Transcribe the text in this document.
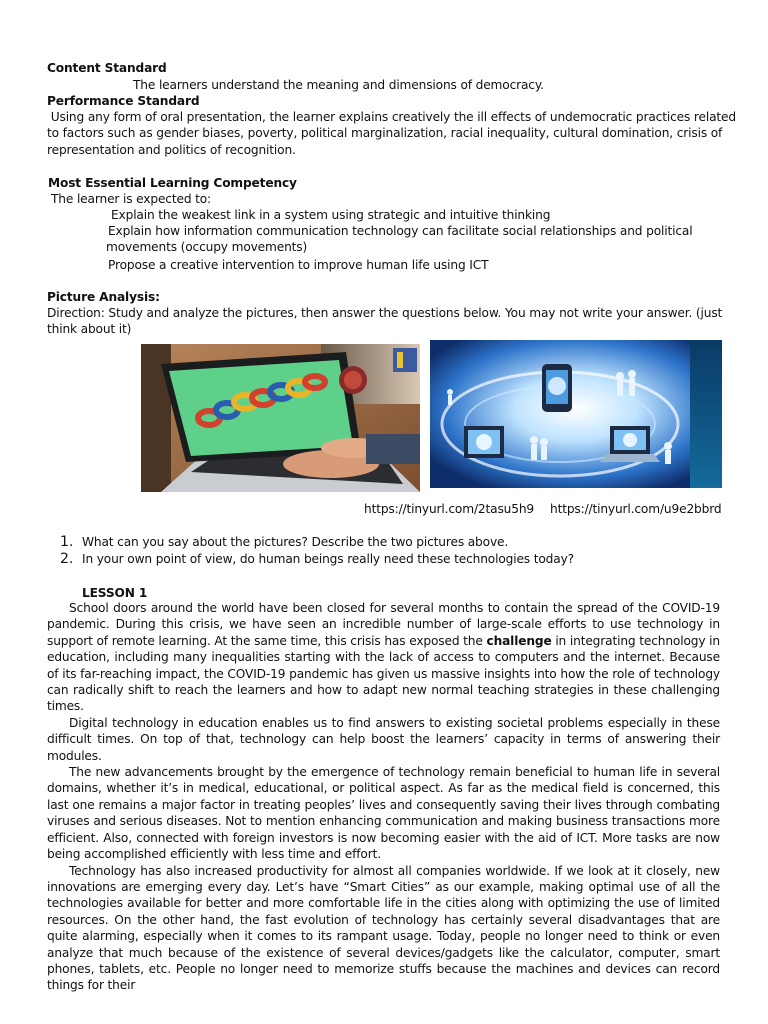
Content Standard
The learners understand the meaning and dimensions of democracy.
Performance Standard
Using any form of oral presentation, the learner explains creatively the ill effects of undemocratic practices related
to factors such as gender biases, poverty, political marginalization, racial inequality, cultural domination, crisis of
representation and politics of recognition.
Most Essential Learning Competency
The learner is expected to:
Explain the weakest link in a system using strategic and intuitive thinking
Explain how information communication technology can facilitate social relationships and political
movements (occupy movements)
Propose a creative intervention to improve human life using ICT
Picture Analysis:
Direction: Study and analyze the pictures, then answer the questions below. You may not write your answer. (just
think about it)
https://tinyurl.com/2tasu5h9 https://tinyurl.com/u9e2bbrd
1. What can you say about the pictures? Describe the two pictures above.
2. In your own point of view, do human beings really need these technologies today?
LESSON 1

School doors around the world have been closed for several months to contain the spread of the COVID-19 pandemic. During this crisis, we have seen an incredible number of large-scale efforts to use technology in support of remote learning. At the same time, this crisis has exposed the challenge in integrating technology in education, including many inequalities starting with the lack of access to computers and the internet. Because of its far-reaching impact, the COVID-19 pandemic has given us massive insights into how the role of technology can radically shift to reach the learners and how to adapt new normal teaching strategies in these challenging times.

Digital technology in education enables us to find answers to existing societal problems especially in these difficult times. On top of that, technology can help boost the learners’ capacity in terms of answering their modules.

The new advancements brought by the emergence of technology remain beneficial to human life in several domains, whether it’s in medical, educational, or political aspect. As far as the medical field is concerned, this last one remains a major factor in treating peoples’ lives and consequently saving their lives through combating viruses and serious diseases. Not to mention enhancing communication and making business transactions more efficient. Also, connected with foreign investors is now becoming easier with the aid of ICT. More tasks are now being accomplished efficiently with less time and effort.

Technology has also increased productivity for almost all companies worldwide. If we look at it closely, new innovations are emerging every day. Let’s have “Smart Cities” as our example, making optimal use of all the technologies available for better and more comfortable life in the cities along with optimizing the use of limited resources. On the other hand, the fast evolution of technology has certainly several disadvantages that are quite alarming, especially when it comes to its rampant usage. Today, people no longer need to think or even analyze that much because of the existence of several devices/gadgets like the calculator, computer, smart phones, tablets, etc. People no longer need to memorize stuffs because the machines and devices can record things for their
